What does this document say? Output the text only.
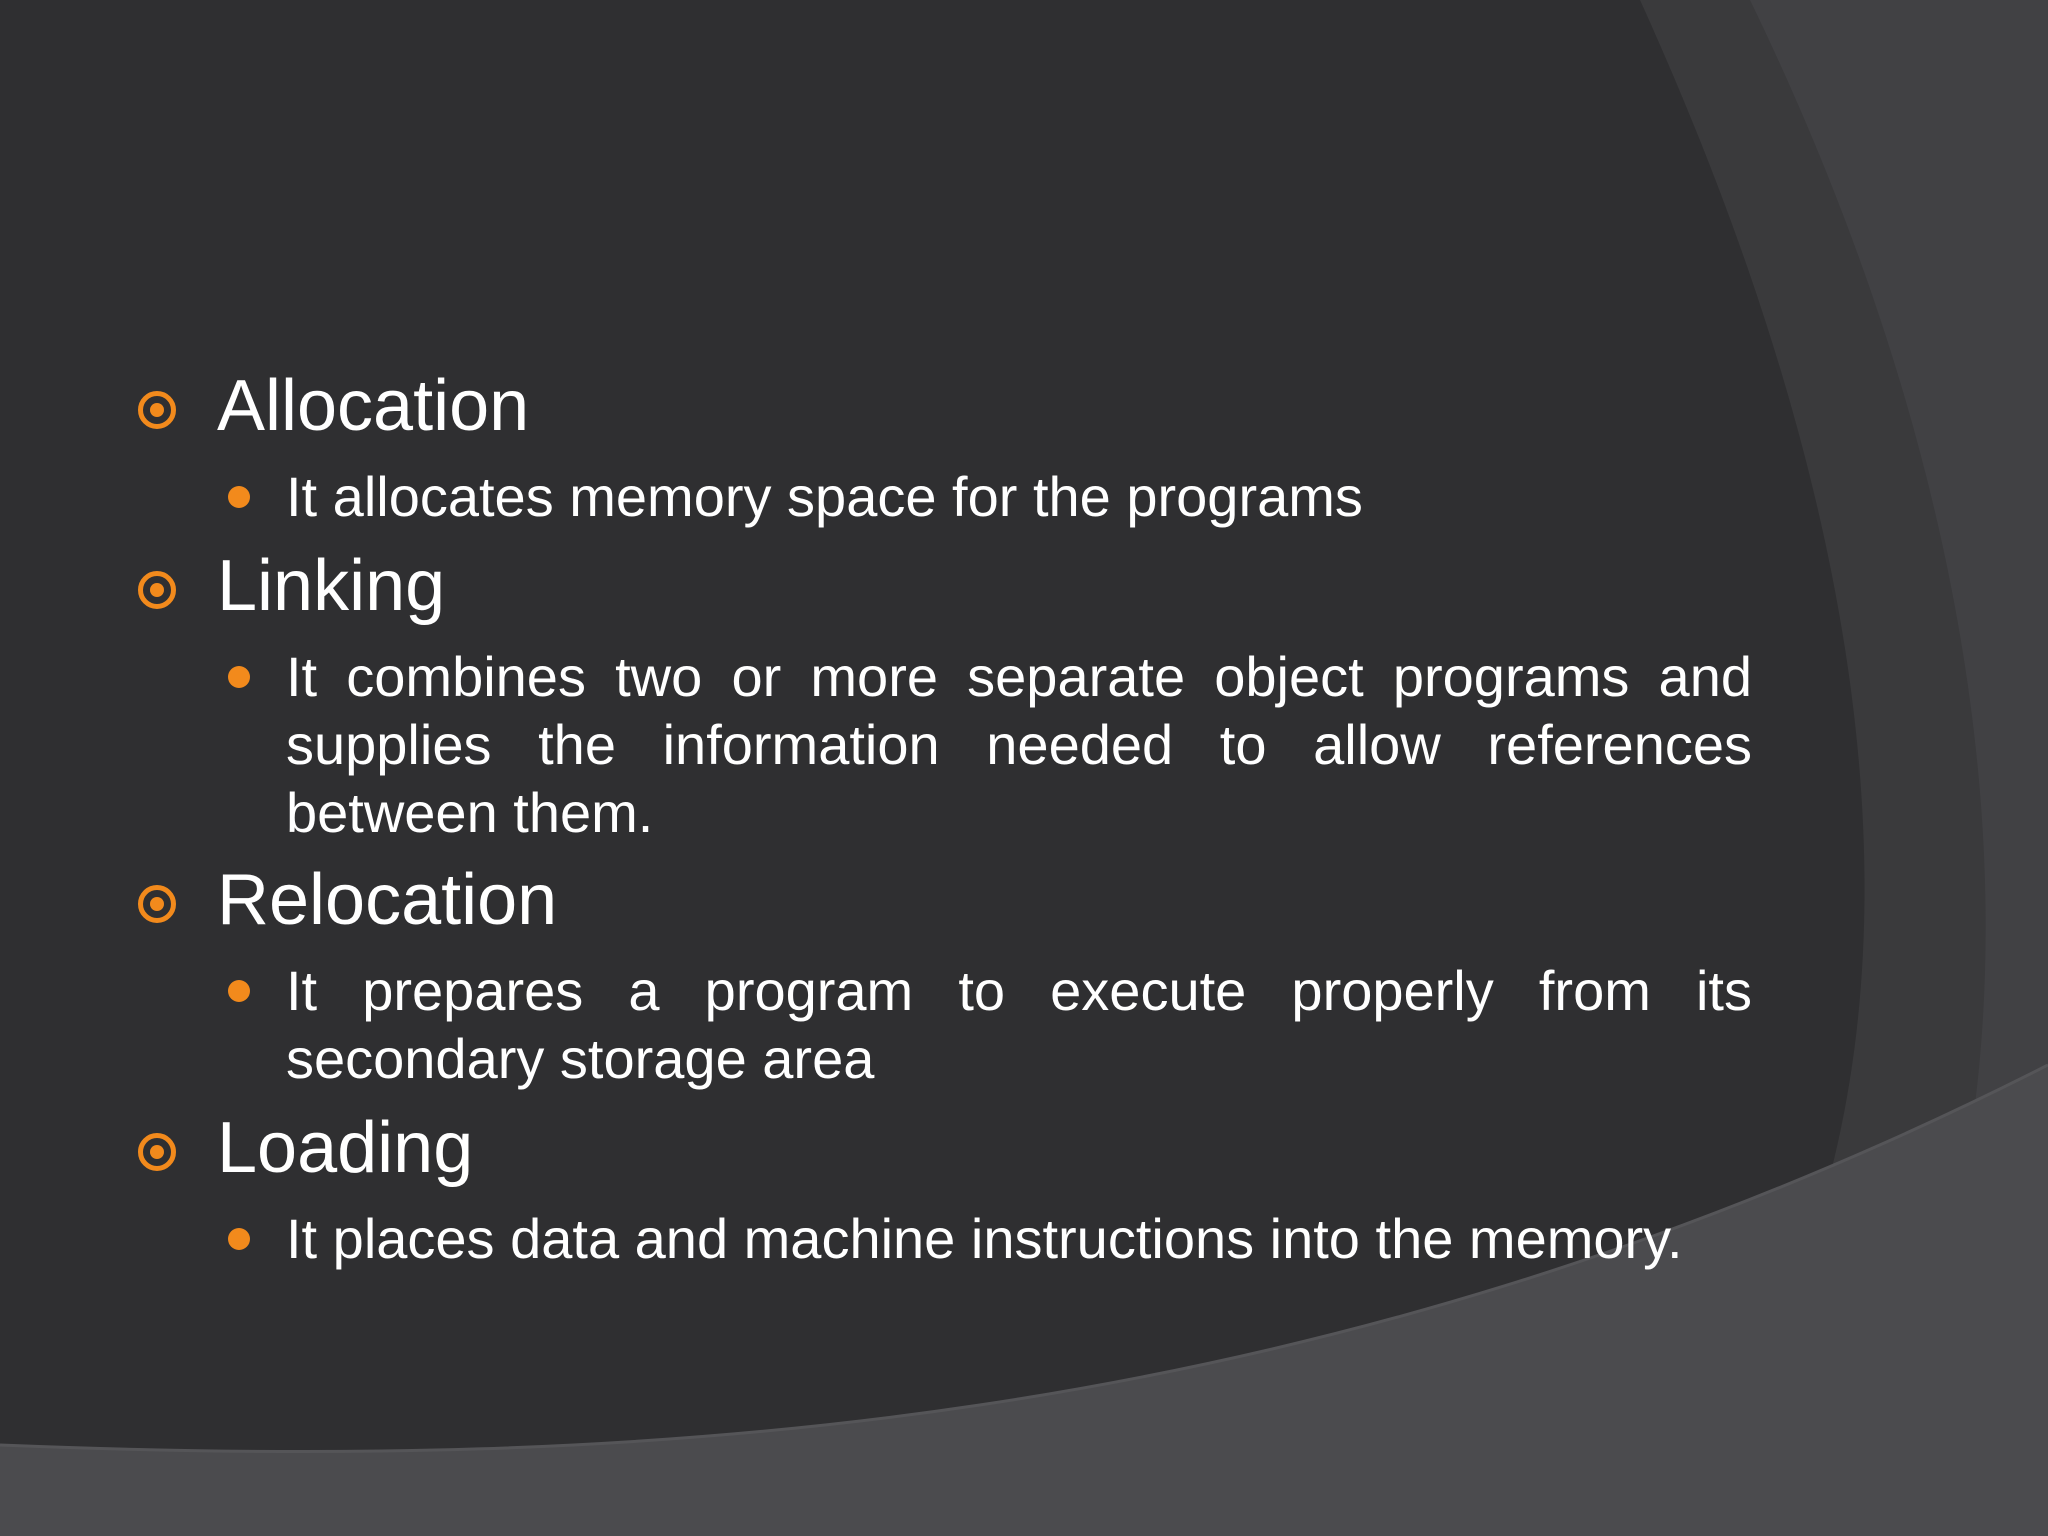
Allocation
It allocates memory space for the programs
Linking
It combines two or more separate object programs and supplies the information needed to allow references between them.
Relocation
It prepares a program to execute properly from its secondary storage area
Loading
It places data and machine instructions into the memory.
